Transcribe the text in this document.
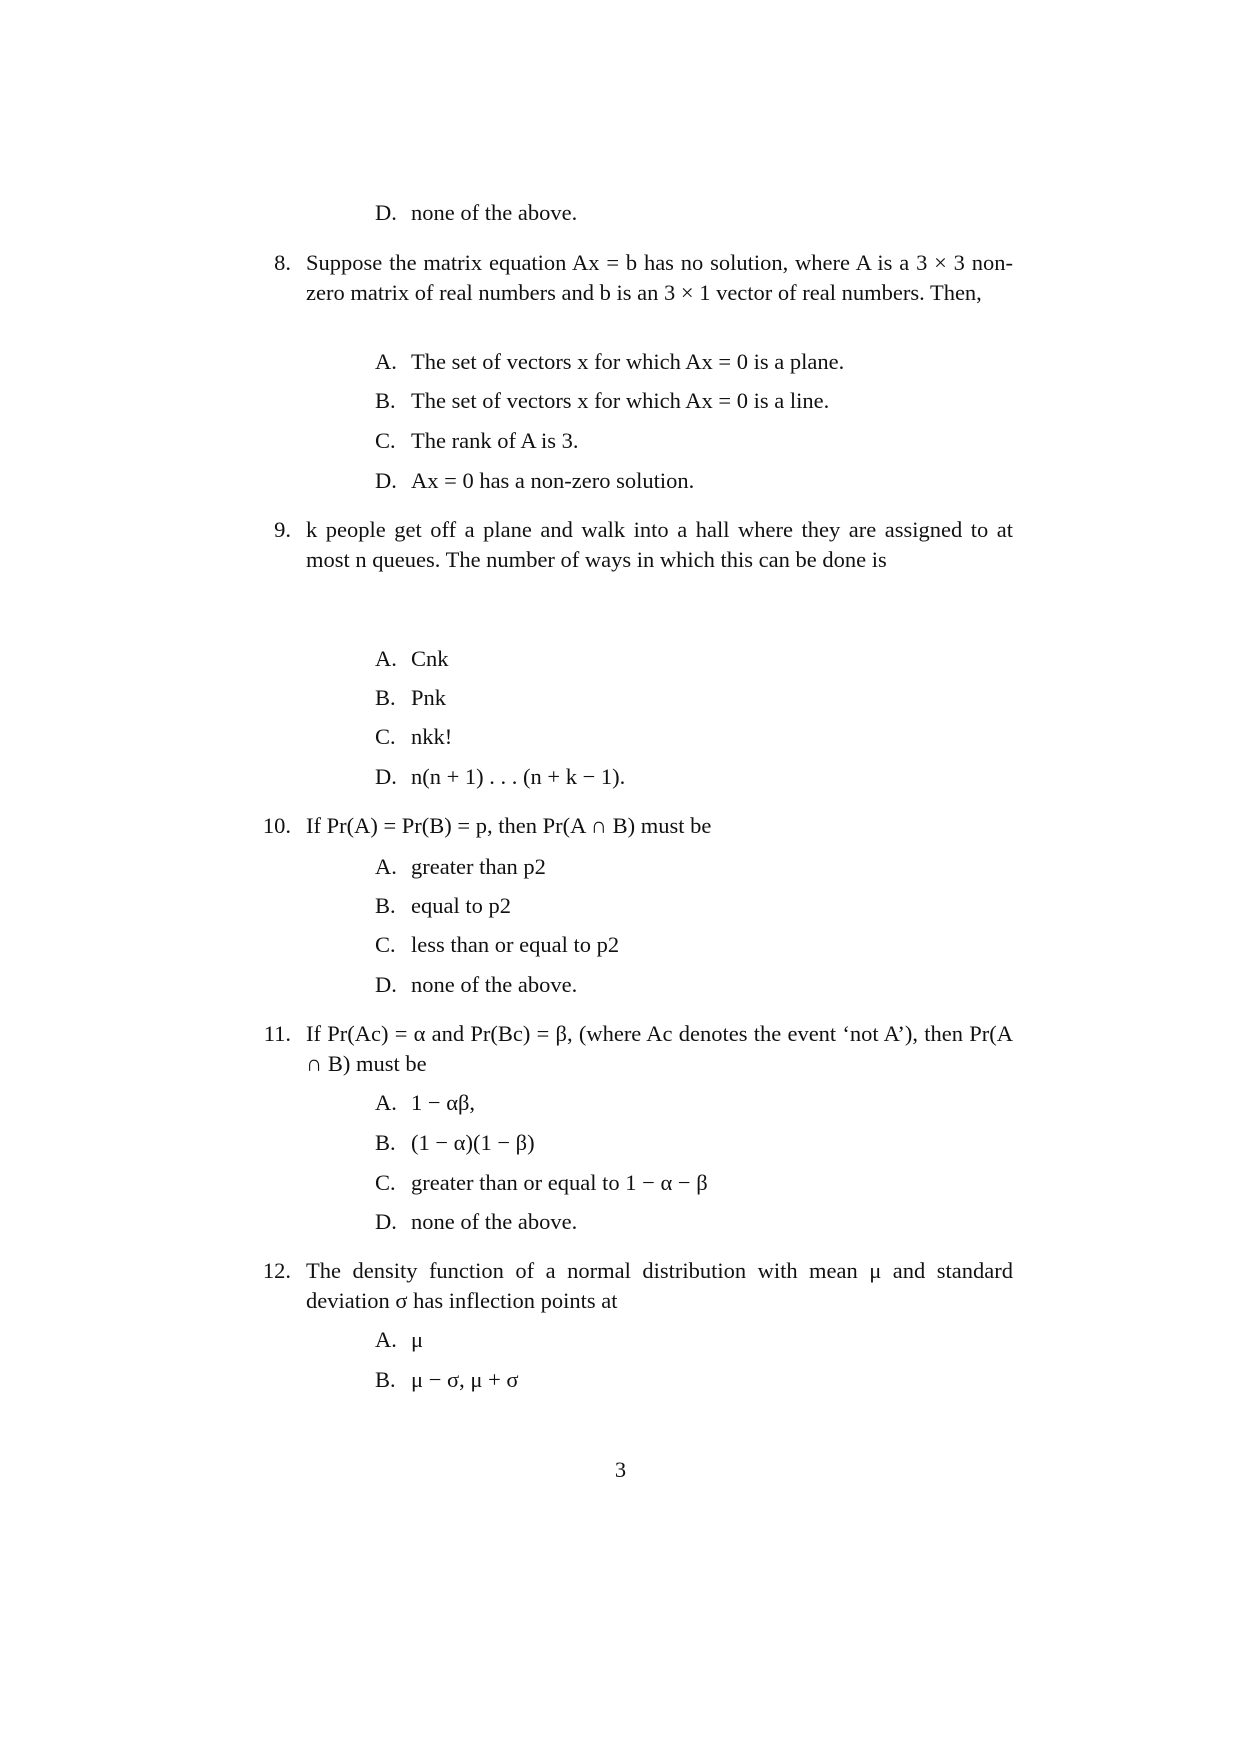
D. none of the above.
8. Suppose the matrix equation Ax = b has no solution, where A is a 3 × 3 non-zero matrix of real numbers and b is an 3 × 1 vector of real numbers. Then,
A. The set of vectors x for which Ax = 0 is a plane.
B. The set of vectors x for which Ax = 0 is a line.
C. The rank of A is 3.
D. Ax = 0 has a non-zero solution.
9. k people get off a plane and walk into a hall where they are assigned to at most n queues. The number of ways in which this can be done is
A. Cnk
B. Pnk
C. nkk!
D. n(n + 1) . . . (n + k − 1).
10. If Pr(A) = Pr(B) = p, then Pr(A ∩ B) must be
A. greater than p2
B. equal to p2
C. less than or equal to p2
D. none of the above.
11. If Pr(Ac) = α and Pr(Bc) = β, (where Ac denotes the event ‘not A’), then Pr(A ∩ B) must be
A. 1 − αβ,
B. (1 − α)(1 − β)
C. greater than or equal to 1 − α − β
D. none of the above.
12. The density function of a normal distribution with mean μ and standard deviation σ has inflection points at
A. μ
B. μ − σ, μ + σ
3
